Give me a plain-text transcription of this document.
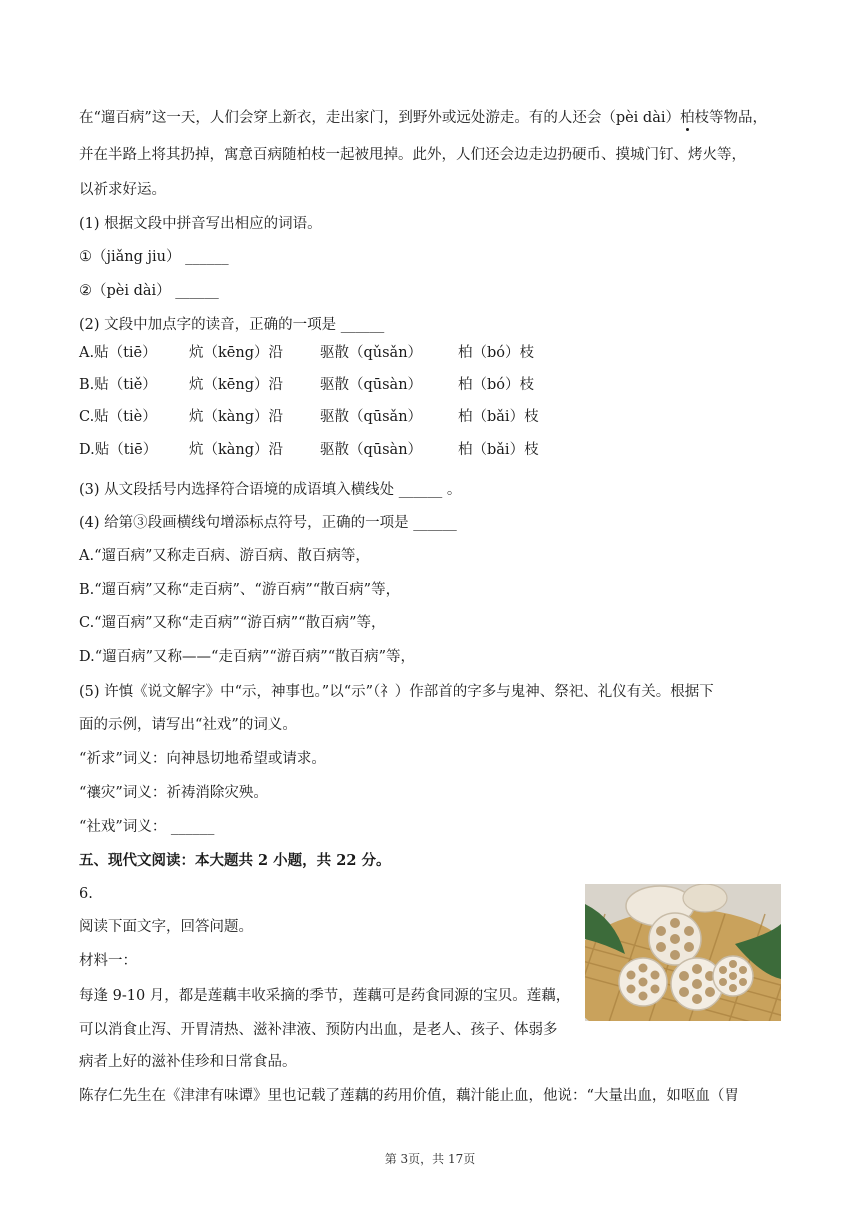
在“遛百病”这一天，人们会穿上新衣，走出家门，到野外或远处游走。有的人还会（pèi dài）柏枝等物品，
并在半路上将其扔掉，寓意百病随柏枝一起被甩掉。此外，人们还会边走边扔硬币、摸城门钉、烤火等，
以祈求好运。
(1) 根据文段中拼音写出相应的词语。
①（jiǎng jiu） ______
②（pèi dài） ______
(2) 文段中加点字的读音，正确的一项是 ______
A.贴（tiē） 炕（kēng）沿	驱散（qǔsǎn） 柏（bó）枝
B.贴（tiě） 炕（kēng）沿	驱散（qūsàn） 柏（bó）枝
C.贴（tiè） 炕（kàng）沿	驱散（qūsǎn） 柏（bǎi）枝
D.贴（tiē） 炕（kàng）沿	驱散（qūsàn） 柏（bǎi）枝
(3) 从文段括号内选择符合语境的成语填入横线处 ______ 。
(4) 给第③段画横线句增添标点符号，正确的一项是 ______
A.“遛百病”又称走百病、游百病、散百病等，
B.“遛百病”又称“走百病”、“游百病”“散百病”等，
C.“遛百病”又称“走百病”“游百病”“散百病”等，
D.“遛百病”又称——“走百病”“游百病”“散百病”等，
(5) 许慎《说文解字》中“示，神事也。”以“示”（礻）作部首的字多与鬼神、祭祀、礼仪有关。根据下
面的示例，请写出“社戏”的词义。
“祈求”词义：向神恳切地希望或请求。
“禳灾”词义：祈祷消除灾殃。
“社戏”词义： ______
五、现代文阅读：本大题共 2 小题，共 22 分。
6.
阅读下面文字，回答问题。
材料一：
每逢 9-10 月，都是莲藕丰收采摘的季节，莲藕可是药食同源的宝贝。莲藕，
可以消食止泻、开胃清热、滋补津液、预防内出血，是老人、孩子、体弱多
病者上好的滋补佳珍和日常食品。
陈存仁先生在《津津有味谭》里也记载了莲藕的药用价值，藕汁能止血，他说：“大量出血，如呕血（胃
第 3页，共 17页
